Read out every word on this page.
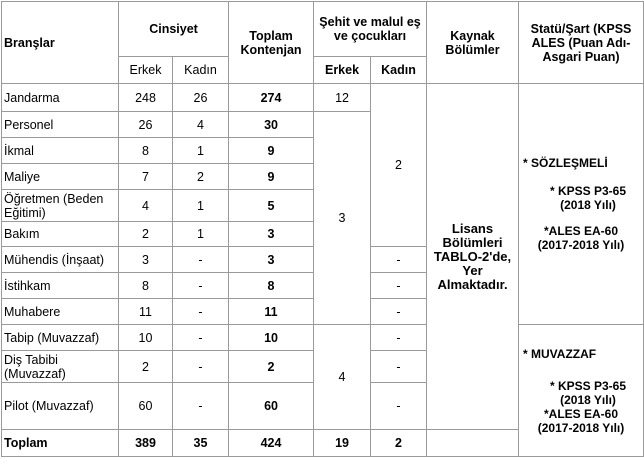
Branşlar	Cinsiyet		Toplam Kontenjan	Şehit ve malul eş ve çocukları		Kaynak Bölümler	Statü/Şart (KPSS ALES (Puan Adı-Asgari Puan)	
	Erkek	Kadın		Erkek	Kadın			
Jandarma	248	26	274	12	2	Lisans Bölümleri TABLO-2'de, Yer Almaktadır.	* SÖZLEŞMELİ
* KPSS P3-65
(2018 Yılı)
*ALES EA-60
(2017-2018 Yılı)	

Personel	26	4	30	3				
İkmal	8	1	9					
Maliye	7	2	9					
Öğretmen (Beden Eğitimi)	4	1	5					
Bakım	2	1	3					
Mühendis (İnşaat)	3	-	3		-			
İstihkam	8	-	8		-			
Muhabere	11	-	11		-			
Tabip (Muvazzaf)	10	-	10	4	-		* MUVAZZAF
* KPSS P3-65
(2018 Yılı)
*ALES EA-60
(2017-2018 Yılı)	

Diş Tabibi (Muvazzaf)	2	-	2		-			
Pilot (Muvazzaf)	60	-	60		-			
Toplam	389	35	424	19	2			
